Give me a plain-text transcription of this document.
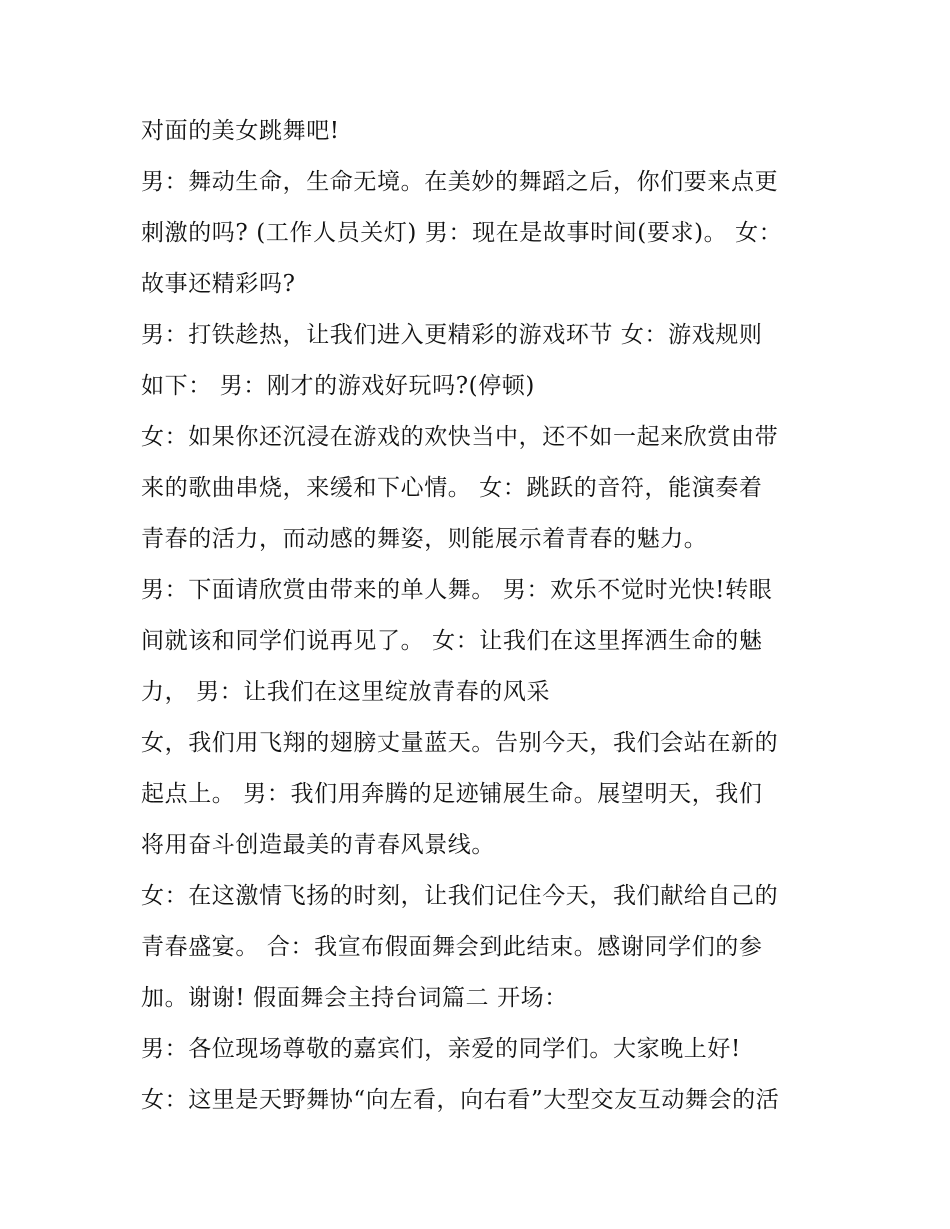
对面的美女跳舞吧!
男：舞动生命，生命无境。在美妙的舞蹈之后，你们要来点更
刺激的吗? (工作人员关灯) 男：现在是故事时间(要求)。 女：
故事还精彩吗?
男：打铁趁热，让我们进入更精彩的游戏环节 女：游戏规则
如下： 男：刚才的游戏好玩吗?(停顿)
女：如果你还沉浸在游戏的欢快当中，还不如一起来欣赏由带
来的歌曲串烧，来缓和下心情。 女：跳跃的音符，能演奏着
青春的活力，而动感的舞姿，则能展示着青春的魅力。
男：下面请欣赏由带来的单人舞。 男：欢乐不觉时光快!转眼
间就该和同学们说再见了。 女：让我们在这里挥洒生命的魅
力， 男：让我们在这里绽放青春的风采
女，我们用飞翔的翅膀丈量蓝天。告别今天，我们会站在新的
起点上。 男：我们用奔腾的足迹铺展生命。展望明天，我们
将用奋斗创造最美的青春风景线。
女：在这激情飞扬的时刻，让我们记住今天，我们献给自己的
青春盛宴。 合：我宣布假面舞会到此结束。感谢同学们的参
加。谢谢! 假面舞会主持台词篇二 开场：
男：各位现场尊敬的嘉宾们，亲爱的同学们。大家晚上好!
女：这里是天野舞协“向左看，向右看”大型交友互动舞会的活
